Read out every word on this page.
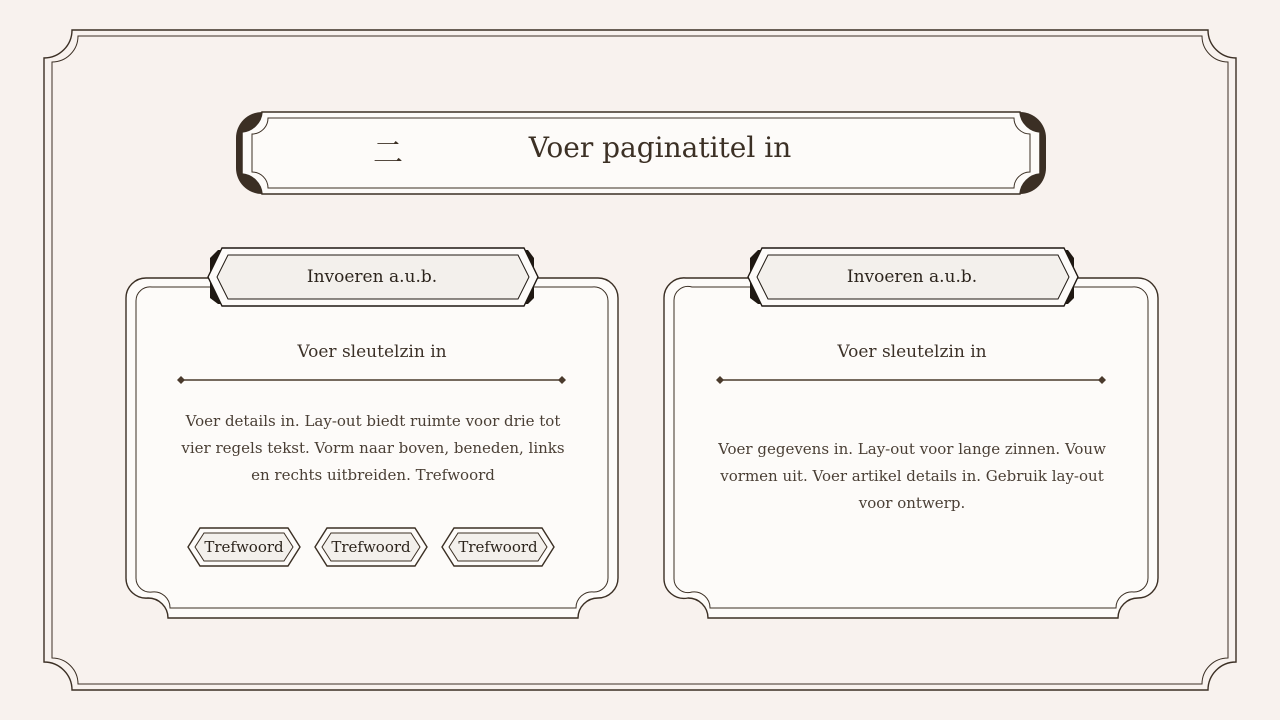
二	Voer paginatitel in
Invoeren a.u.b.
Voer sleutelzin in
Voer details in. Lay-out biedt ruimte voor drie tot vier regels tekst. Vorm naar boven, beneden, links en rechts uitbreiden. Trefwoord
Trefwoord	Trefwoord	Trefwoord
Invoeren a.u.b.
Voer sleutelzin in
Voer gegevens in. Lay-out voor lange zinnen. Vouw vormen uit. Voer artikel details in. Gebruik lay-out voor ontwerp.
